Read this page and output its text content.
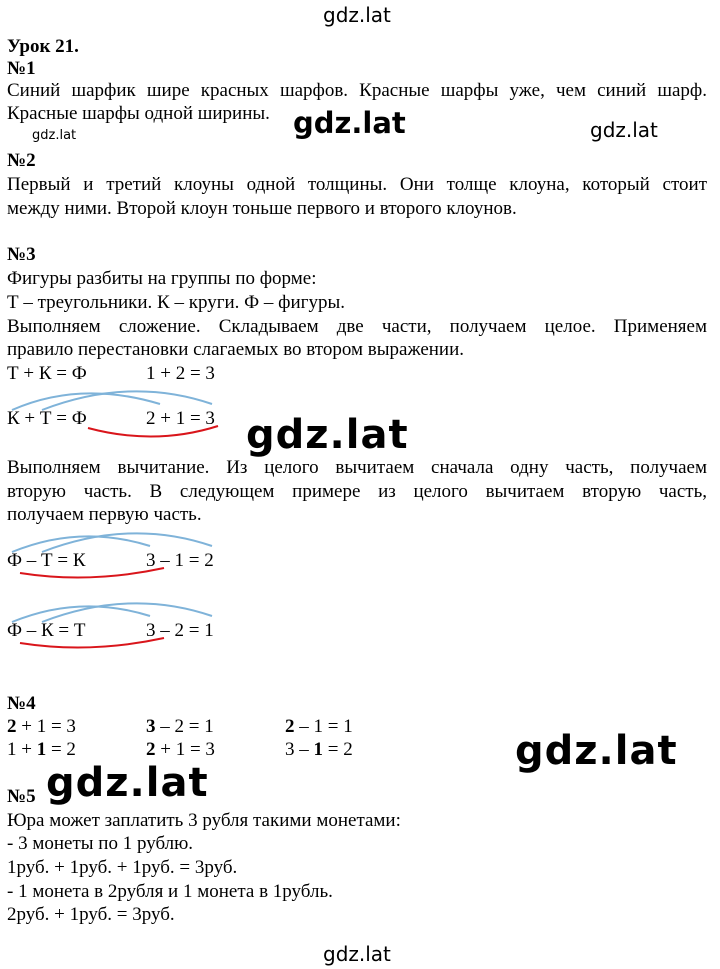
gdz.lat
gdz.lat	gdz.lat	gdz.lat
gdz.lat
gdz.lat
gdz.lat
gdz.lat
Урок 21.
№1
Синий шарфик шире красных шарфов. Красные шарфы уже, чем синий шарф.
Красные шарфы одной ширины.
№2
Первый и третий клоуны одной толщины. Они толще клоуна, который стоит
между ними. Второй клоун тоньше первого и второго клоунов.
№3
Фигуры разбиты на группы по форме:
Т – треугольники. К – круги. Ф – фигуры.
Выполняем сложение. Складываем две части, получаем целое. Применяем
правило перестановки слагаемых во втором выражении.
Т + К = Ф	1 + 2 = 3
К + Т = Ф	2 + 1 = 3
Выполняем вычитание. Из целого вычитаем сначала одну часть, получаем
вторую часть. В следующем примере из целого вычитаем вторую часть,
получаем первую часть.
Ф – Т = К	3 – 1 = 2
Ф – К = Т	3 – 2 = 1
№4
2 + 1 = 3	3 – 2 = 1	2 – 1 = 1
1 + 1 = 2	2 + 1 = 3	3 – 1 = 2
№5
Юра может заплатить 3 рубля такими монетами:
- 3 монеты по 1 рублю.
1руб. + 1руб. + 1руб. = 3руб.
- 1 монета в 2рубля и 1 монета в 1рубль.
2руб. + 1руб. = 3руб.
